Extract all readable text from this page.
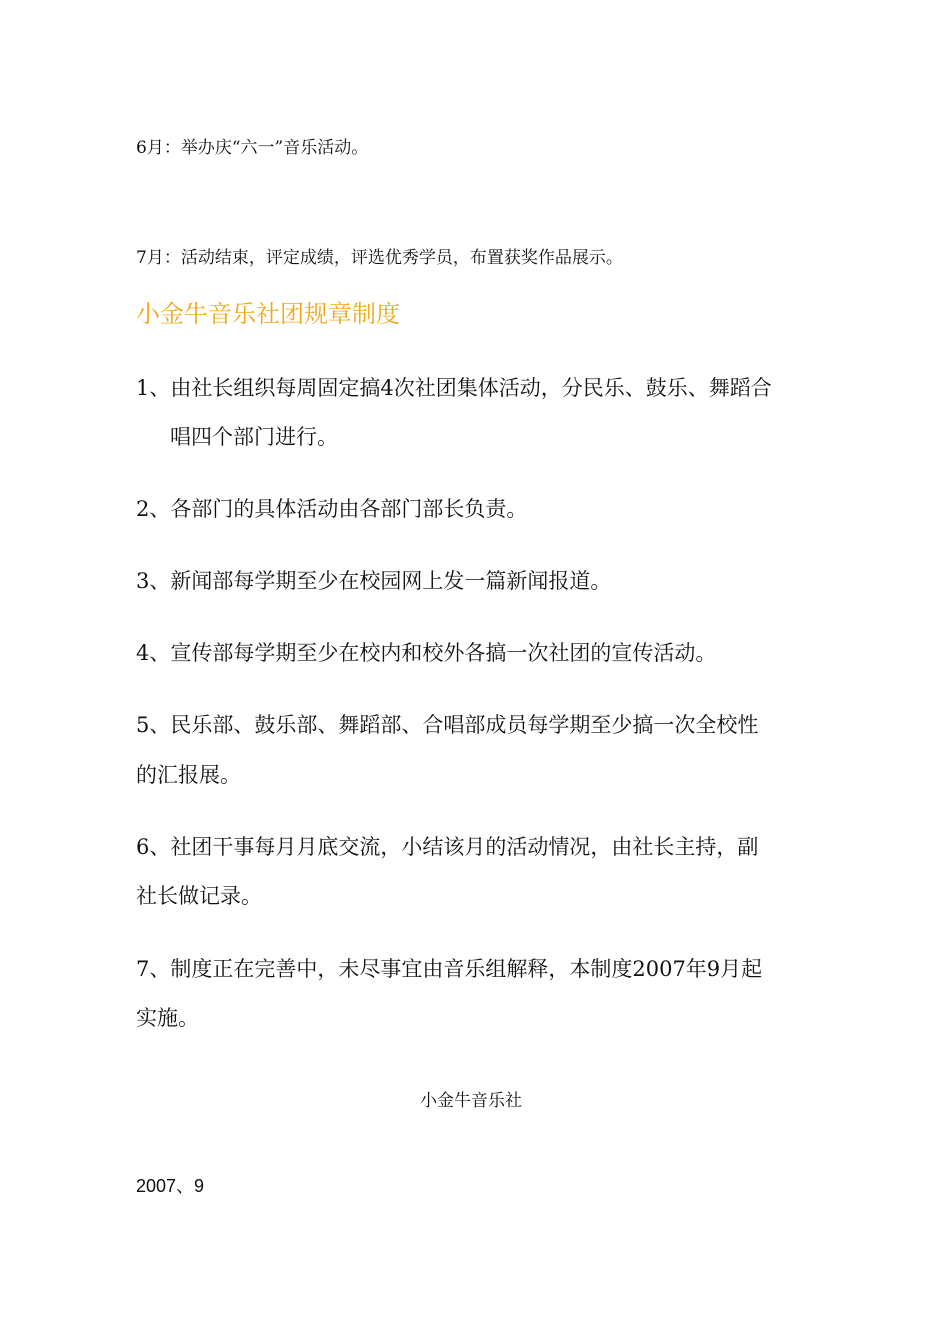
6月：举办庆“六一”音乐活动。

7月：活动结束，评定成绩，评选优秀学员，布置获奖作品展示。

小金牛音乐社团规章制度

1、由社长组织每周固定搞4次社团集体活动，分民乐、鼓乐、舞蹈合

唱四个部门进行。

2、各部门的具体活动由各部门部长负责。

3、新闻部每学期至少在校园网上发一篇新闻报道。

4、宣传部每学期至少在校内和校外各搞一次社团的宣传活动。

5、民乐部、鼓乐部、舞蹈部、合唱部成员每学期至少搞一次全校性

的汇报展。

6、社团干事每月月底交流，小结该月的活动情况，由社长主持，副

社长做记录。

7、制度正在完善中，未尽事宜由音乐组解释，本制度2007年9月起

实施。

小金牛音乐社

2007、9
